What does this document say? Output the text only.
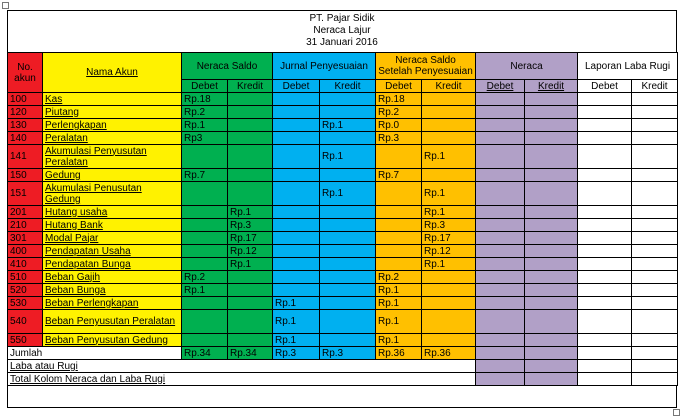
PT. Pajar Sidik
Neraca Lajur
31 Januari 2016
No. akun	Nama Akun	Neraca Saldo		Jurnal Penyesuaian		Neraca Saldo Setelah Penyesuaian		Neraca		Laporan Laba Rugi	
		Debet	Kredit	Debet	Kredit	Debet	Kredit	Debet	Kredit	Debet	Kredit
100	Kas	Rp.18				Rp.18					
120	Piutang	Rp.2				Rp.2					
130	Perlengkapan	Rp.1			Rp.1	Rp.0					
140	Peralatan	Rp3				Rp.3					
141	Akumulasi Penyusutan Peralatan				Rp.1		Rp.1				
150	Gedung	Rp.7				Rp.7					
151	Akumulasi Penusutan Gedung				Rp.1		Rp.1				
201	Hutang usaha		Rp.1				Rp.1				
210	Hutang Bank		Rp.3				Rp.3				
301	Modal Pajar		Rp.17				Rp.17				
400	Pendapatan Usaha		Rp.12				Rp.12				
410	Pendapatan Bunga		Rp.1				Rp.1				
510	Beban Gajih	Rp.2				Rp.2					
520	Beban Bunga	Rp.1				Rp.1					
530	Beban Perlengkapan			Rp.1		Rp.1					
540	Beban Penyusutan Peralatan			Rp.1		Rp.1					
550	Beban Penyusutan Gedung			Rp.1		Rp.1					
Jumlah		Rp.34	Rp.34	Rp.3	Rp.3	Rp.36	Rp.36				
Laba atau Rugi											
Total Kolom Neraca dan Laba Rugi											
